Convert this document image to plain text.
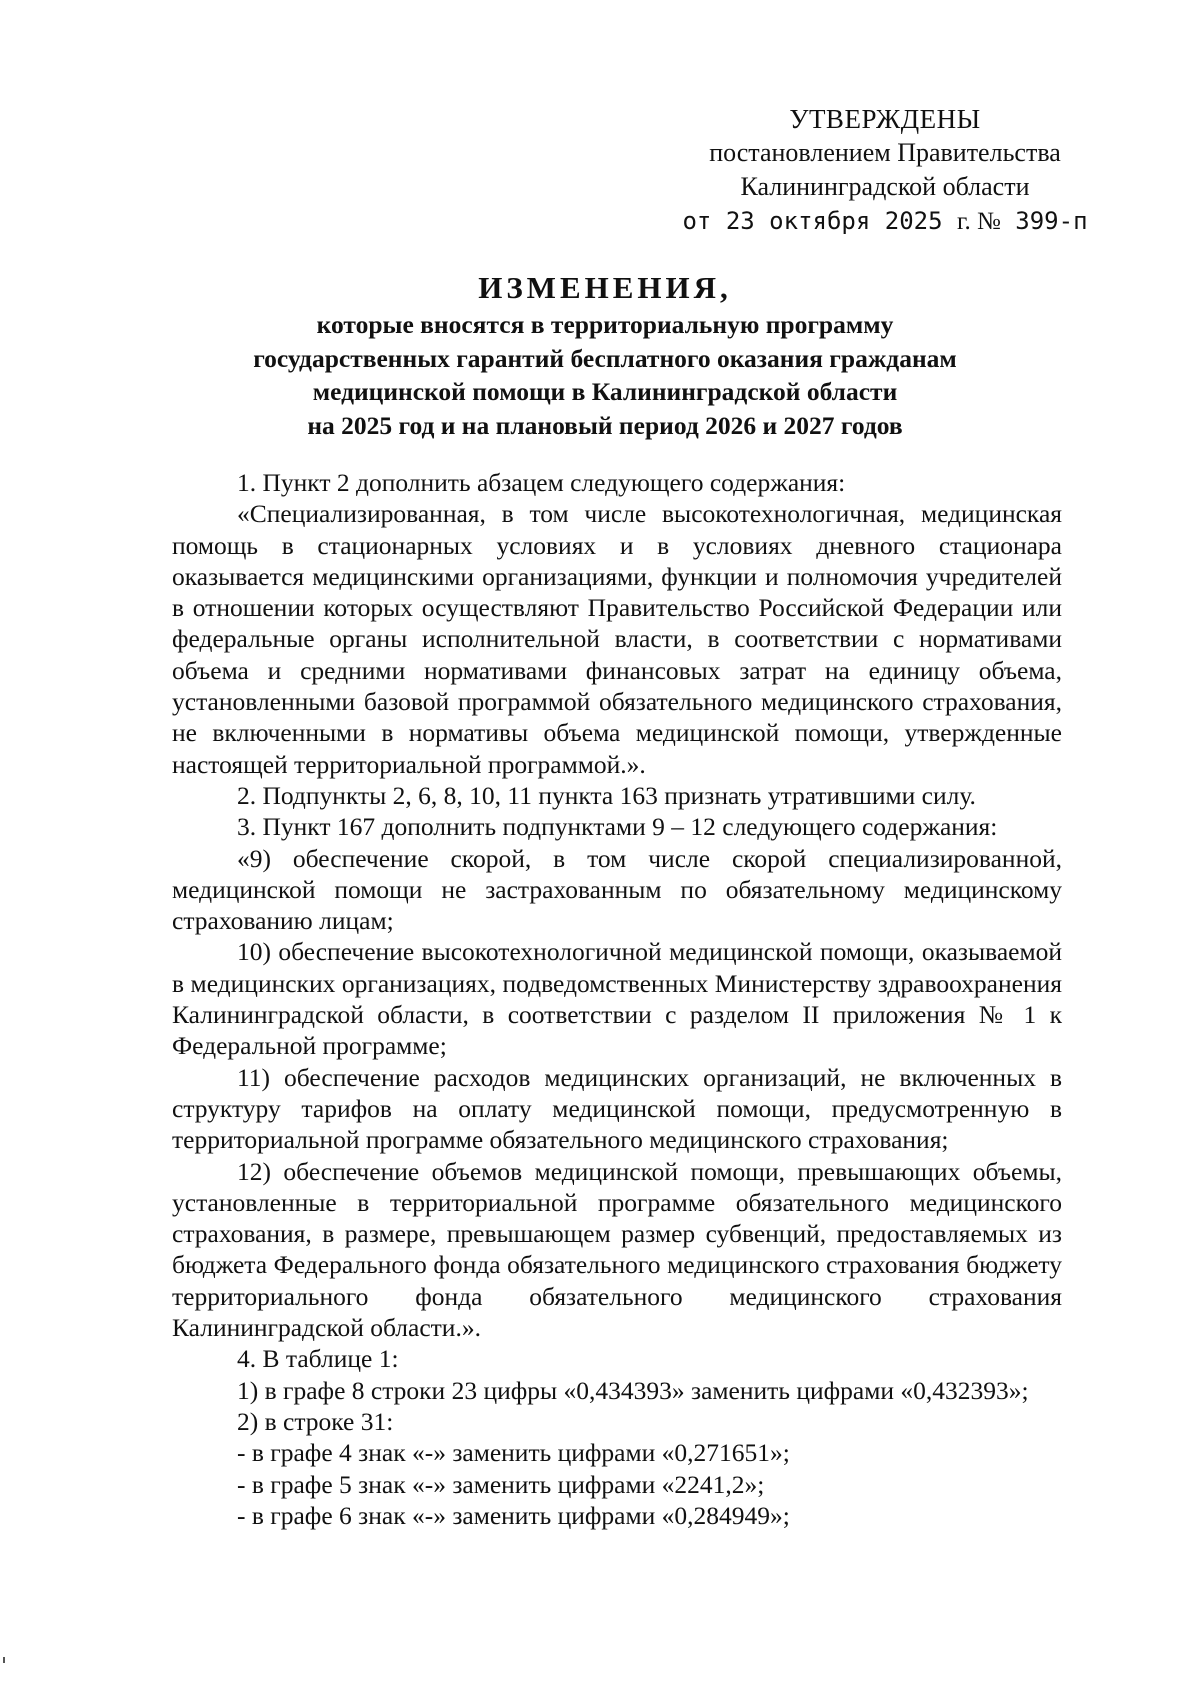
УТВЕРЖДЕНЫ
постановлением Правительства
Калининградской области
от 23 октября 2025 г. № 399-п
ИЗМЕНЕНИЯ,
которые вносятся в территориальную программу
государственных гарантий бесплатного оказания гражданам
медицинской помощи в Калининградской области
на 2025 год и на плановый период 2026 и 2027 годов

1. Пункт 2 дополнить абзацем следующего содержания:

«Специализированная, в том числе высокотехнологичная, медицинская помощь в стационарных условиях и в условиях дневного стационара оказывается медицинскими организациями, функции и полномочия учредителей в отношении которых осуществляют Правительство Российской Федерации или федеральные органы исполнительной власти, в соответствии с нормативами объема и средними нормативами финансовых затрат на единицу объема, установленными базовой программой обязательного медицинского страхования, не включенными в нормативы объема медицинской помощи, утвержденные настоящей территориальной программой.».

2. Подпункты 2, 6, 8, 10, 11 пункта 163 признать утратившими силу.

3. Пункт 167 дополнить подпунктами 9 – 12 следующего содержания:

«9) обеспечение скорой, в том числе скорой специализированной, медицинской помощи не застрахованным по обязательному медицинскому страхованию лицам;

10) обеспечение высокотехнологичной медицинской помощи, оказываемой в медицинских организациях, подведомственных Министерству здравоохранения Калининградской области, в соответствии с разделом II приложения № 1 к Федеральной программе;

11) обеспечение расходов медицинских организаций, не включенных в структуру тарифов на оплату медицинской помощи, предусмотренную в территориальной программе обязательного медицинского страхования;

12) обеспечение объемов медицинской помощи, превышающих объемы, установленные в территориальной программе обязательного медицинского страхования, в размере, превышающем размер субвенций, предоставляемых из бюджета Федерального фонда обязательного медицинского страхования бюджету территориального фонда обязательного медицинского страхования Калининградской области.».

4. В таблице 1:

1) в графе 8 строки 23 цифры «0,434393» заменить цифрами «0,432393»;

2) в строке 31:

- в графе 4 знак «-» заменить цифрами «0,271651»;

- в графе 5 знак «-» заменить цифрами «2241,2»;

- в графе 6 знак «-» заменить цифрами «0,284949»;
